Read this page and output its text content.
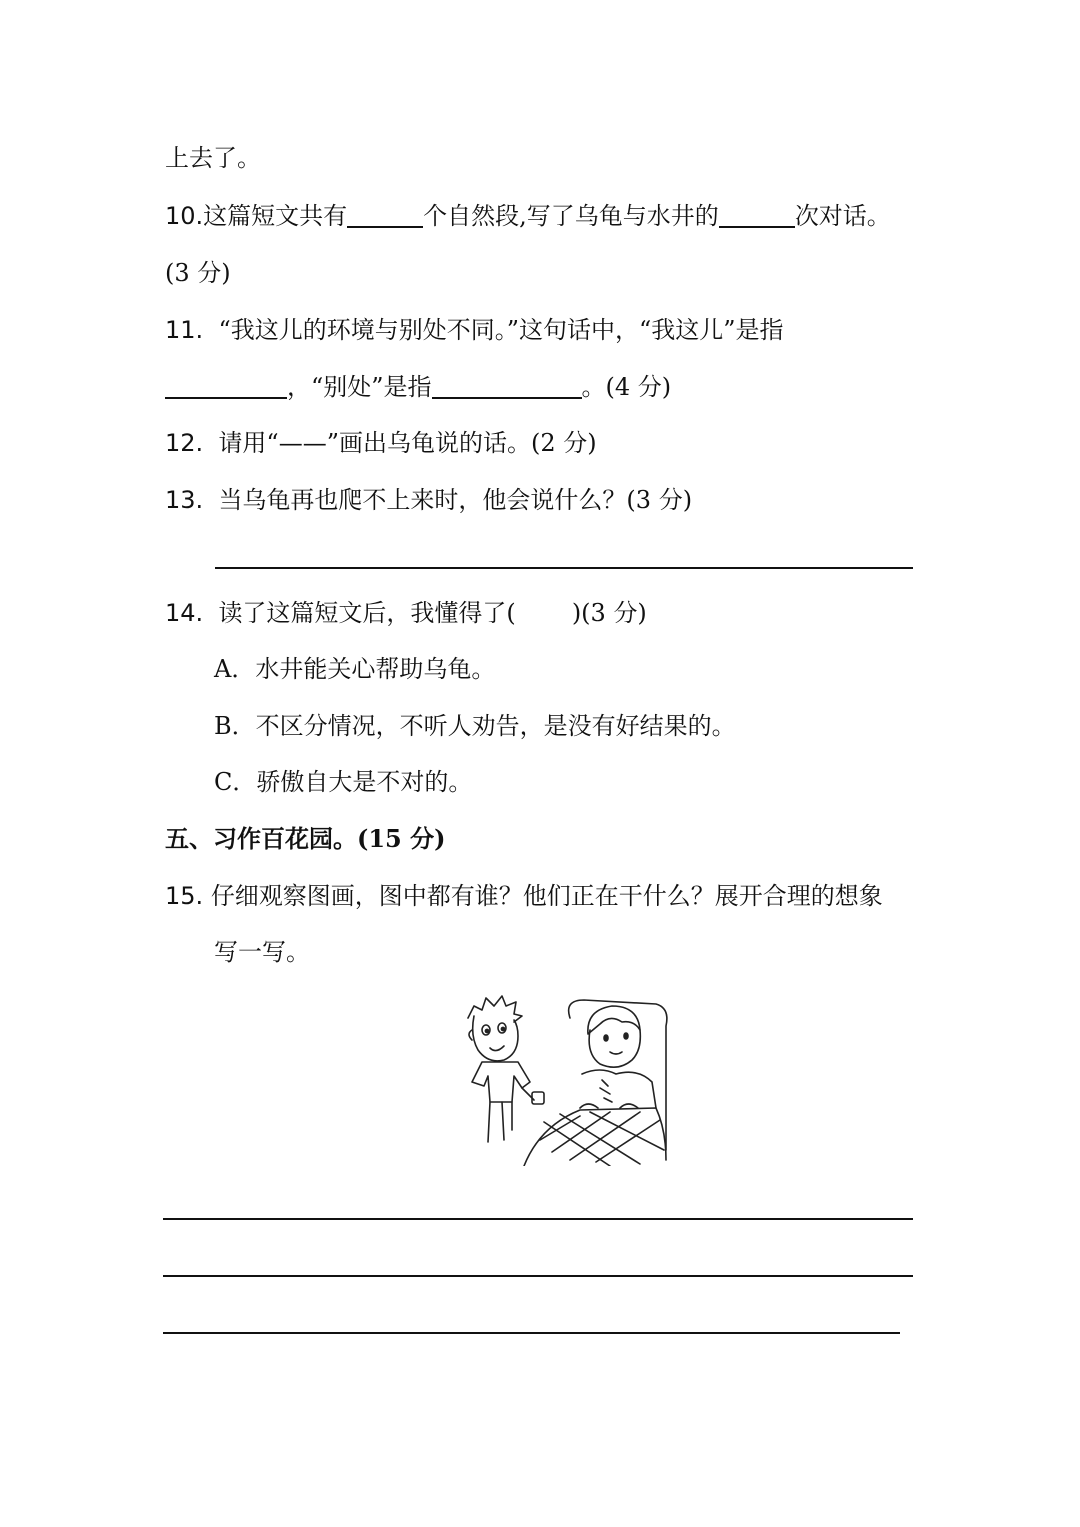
上去了。
10.这篇短文共有	个自然段,写了乌龟与水井的	次对话。
(3 分)
11. “我这儿的环境与别处不同。”这句话中，“我这儿”是指
，“别处”是指	。(4 分)
12. 请用“——”画出乌龟说的话。(2 分)
13. 当乌龟再也爬不上来时，他会说什么？(3 分)
14. 读了这篇短文后，我懂得了( )(3 分)
A．水井能关心帮助乌龟。
B．不区分情况，不听人劝告，是没有好结果的。
C．骄傲自大是不对的。
五、习作百花园。(15 分)
15. 仔细观察图画，图中都有谁？他们正在干什么？展开合理的想象
写一写。
